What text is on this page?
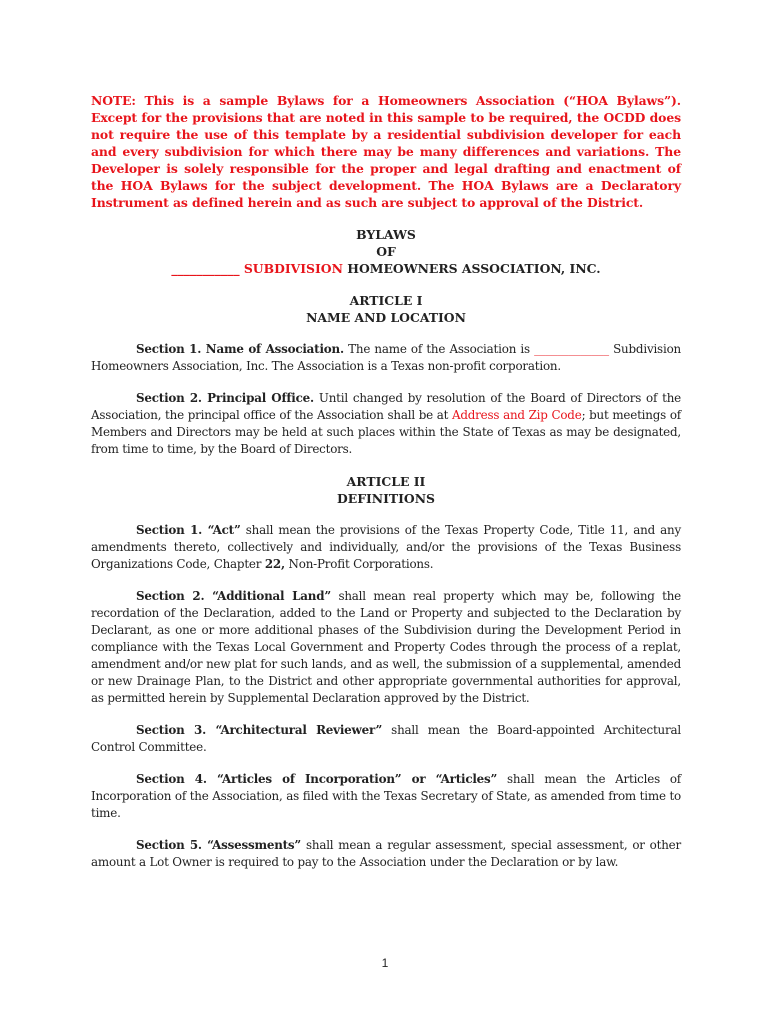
NOTE: This is a sample Bylaws for a Homeowners Association (“HOA Bylaws”). Except for the provisions that are noted in this sample to be required, the OCDD does not require the use of this template by a residential subdivision developer for each and every subdivision for which there may be many differences and variations. The Developer is solely responsible for the proper and legal drafting and enactment of the HOA Bylaws for the subject development. The HOA Bylaws are a Declaratory Instrument as defined herein and as such are subject to approval of the District.
BYLAWS
OF
___________ SUBDIVISION HOMEOWNERS ASSOCIATION, INC.
ARTICLE I
NAME AND LOCATION

Section 1. Name of Association. The name of the Association is _____________ Subdivision Homeowners Association, Inc. The Association is a Texas non-profit corporation.

Section 2. Principal Office. Until changed by resolution of the Board of Directors of the Association, the principal office of the Association shall be at Address and Zip Code; but meetings of Members and Directors may be held at such places within the State of Texas as may be designated, from time to time, by the Board of Directors.

ARTICLE II
DEFINITIONS

Section 1. “Act” shall mean the provisions of the Texas Property Code, Title 11, and any amendments thereto, collectively and individually, and/or the provisions of the Texas Business Organizations Code, Chapter 22, Non-Profit Corporations.

Section 2. “Additional Land” shall mean real property which may be, following the recordation of the Declaration, added to the Land or Property and subjected to the Declaration by Declarant, as one or more additional phases of the Subdivision during the Development Period in compliance with the Texas Local Government and Property Codes through the process of a replat, amendment and/or new plat for such lands, and as well, the submission of a supplemental, amended or new Drainage Plan, to the District and other appropriate governmental authorities for approval, as permitted herein by Supplemental Declaration approved by the District.

Section 3. “Architectural Reviewer” shall mean the Board-appointed Architectural Control Committee.

Section 4. “Articles of Incorporation” or “Articles” shall mean the Articles of Incorporation of the Association, as filed with the Texas Secretary of State, as amended from time to time.

Section 5. “Assessments” shall mean a regular assessment, special assessment, or other amount a Lot Owner is required to pay to the Association under the Declaration or by law.

1
